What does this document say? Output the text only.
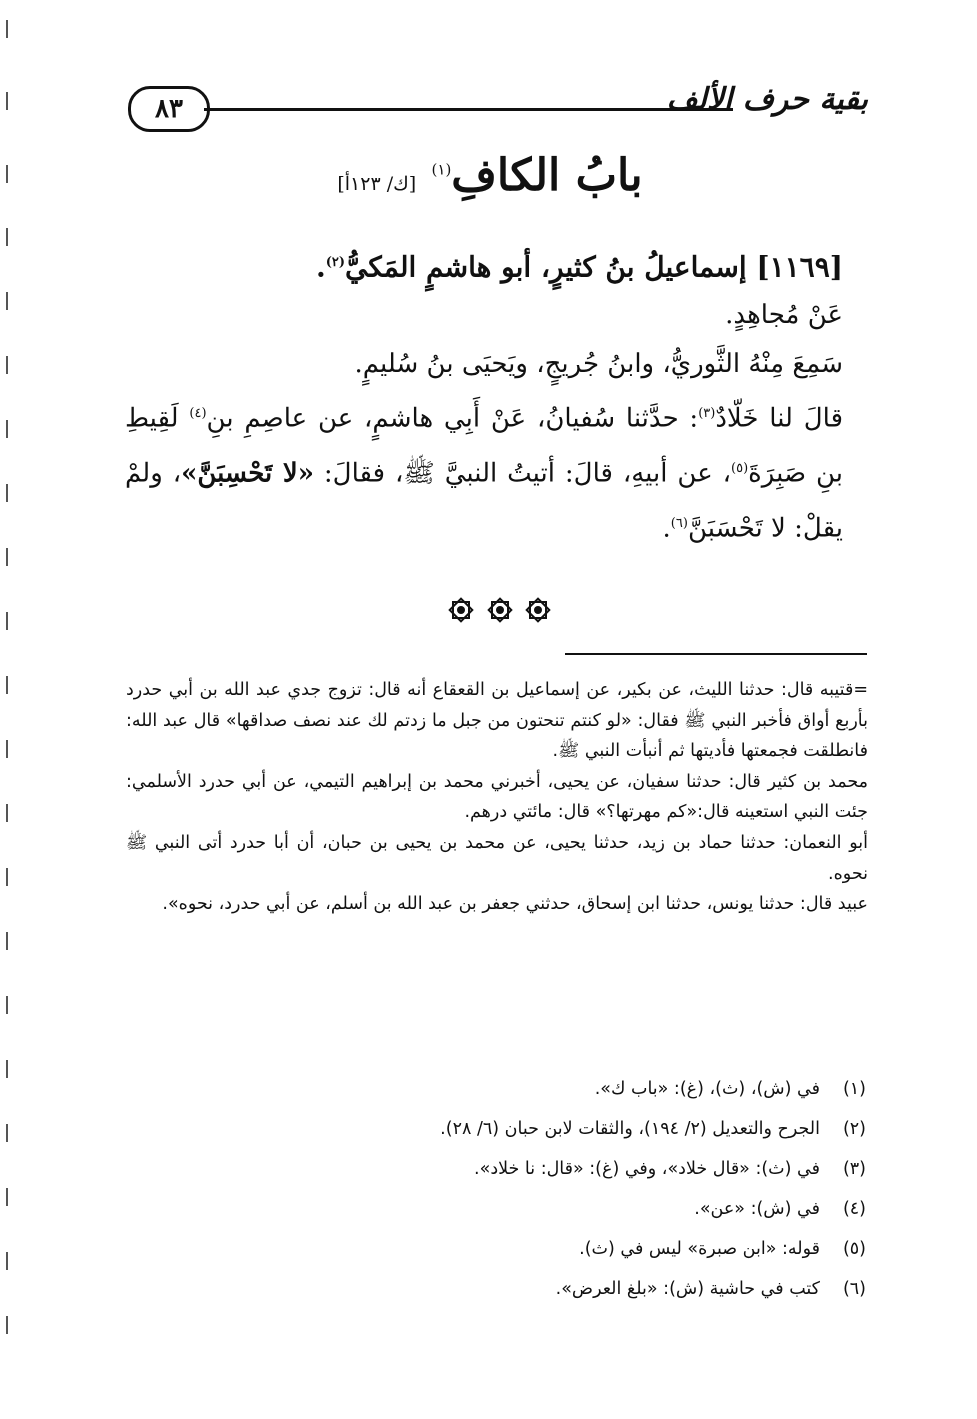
٨٣	بقية حرف الألف
بابُ الكافِ$^{(١)}$ [ك/ ١٢٣أ]

[١١٦٩] إسماعيلُ بنُ كثيرٍ، أبو هاشمٍ المَكيُّ$^{(٢)}$.

عَنْ مُجاهِدٍ.

سَمِعَ مِنْهُ الثَّوريُّ، وابنُ جُريجٍ، ويَحيَى بنُ سُليمٍ.

قالَ لنا خَلّادٌ$^{(٣)}$: حدَّثنا سُفيانُ، عَنْ أَبِي هاشمٍ، عن عاصِمِ بنِ$^{(٤)}$ لَقِيطِ بنِ صَبِرَةَ$^{(٥)}$، عن أبيهِ، قالَ: أتيتُ النبيَّ ﷺ، فقالَ: «لا تَحْسِبَنَّ»، ولمْ يقلْ: لا تَحْسَبَنَّ$^{(٦)}$.

=قتيبه قال: حدثنا الليث، عن بكير، عن إسماعيل بن القعقاع أنه قال: تزوج جدي عبد الله بن أبي حدرد بأربع أواق فأخبر النبي ﷺ فقال: «لو كنتم تنحتون من جبل ما زدتم لك عند نصف صداقها» قال عبد الله: فانطلقت فجمعتها فأديتها ثم أنبأت النبي ﷺ.

محمد بن كثير قال: حدثنا سفيان، عن يحيى، أخبرني محمد بن إبراهيم التيمي، عن أبي حدرد الأسلمي: جئت النبي استعينه قال:«كم مهرتها؟» قال: مائتي درهم.

أبو النعمان: حدثنا حماد بن زيد، حدثنا يحيى، عن محمد بن يحيى بن حبان، أن أبا حدرد أتى النبي ﷺ نحوه.

عبيد قال: حدثنا يونس، حدثنا ابن إسحاق، حدثني جعفر بن عبد الله بن أسلم، عن أبي حدرد، نحوه».

(١)
في (ش)، (ث)، (غ): «باب ك».
(٢)
الجرح والتعديل (٢/ ١٩٤)، والثقات لابن حبان (٦/ ٢٨).
(٣)
في (ث): «قال خلاد»، وفي (غ): «قال: نا خلاد».
(٤)
في (ش): «عن».
(٥)
قوله: «ابن صبرة» ليس في (ث).
(٦)
كتب في حاشية (ش): «بلغ العرض».
